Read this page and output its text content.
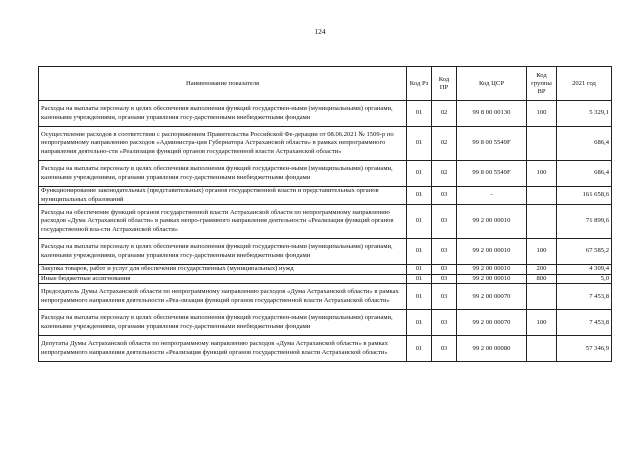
124
Наименование показателя	Код Рз	Код ПР	Код ЦСР	Код группы ВР	2021 год
Расходы на выплаты персоналу в целях обеспечения выполнения функций государствен-ными (муниципальными) органами, казенными учреждениями, органами управления госу-дарственными внебюджетными фондами	01	02	99 8 00 00130	100	5 329,1
Осуществление расходов в соответствии с распоряжением Правительства Российской Фе-дерации от 08.06.2021 № 1509-р по непрограммному направлению расходов «Администра-ция Губернатора Астраханской области» в рамках непрограммного направления деятельно-сти «Реализация функций органов государственной власти Астраханской области»	01	02	99 8 00 5549F		686,4
Расходы на выплаты персоналу в целях обеспечения выполнения функций государствен-ными (муниципальными) органами, казенными учреждениями, органами управления госу-дарственными внебюджетными фондами	01	02	99 8 00 5549F	100	686,4
Функционирование законодательных (представительных) органов государственной власти и представительных органов муниципальных образований	01	03	-		161 658,6
Расходы на обеспечение функций органов государственной власти Астраханской области по непрограммному направлению расходов «Дума Астраханской области» в рамках непро-граммного направления деятельности «Реализация функций органов государственной вла-сти Астраханской области»	01	03	99 2 00 00010		71 899,6
Расходы на выплаты персоналу в целях обеспечения выполнения функций государствен-ными (муниципальными) органами, казенными учреждениями, органами управления госу-дарственными внебюджетными фондами	01	03	99 2 00 00010	100	67 585,2
Закупка товаров, работ и услуг для обеспечения государственных (муниципальных) нужд	01	03	99 2 00 00010	200	4 309,4
Иные бюджетные ассигнования	01	03	99 2 00 00010	800	5,0
Председатель Думы Астраханской области по непрограммному направлению расходов «Дума Астраханской области» в рамках непрограммного направления деятельности «Реа-лизация функций органов государственной власти Астраханской области»	01	03	99 2 00 00070		7 453,8
Расходы на выплаты персоналу в целях обеспечения выполнения функций государствен-ными (муниципальными) органами, казенными учреждениями, органами управления госу-дарственными внебюджетными фондами	01	03	99 2 00 00070	100	7 453,8
Депутаты Думы Астраханской области по непрограммному направлению расходов «Дума Астраханской области» в рамках непрограммного направления деятельности «Реализация функций органов государственной власти Астраханской области»	01	03	99 2 00 00080		57 346,9
